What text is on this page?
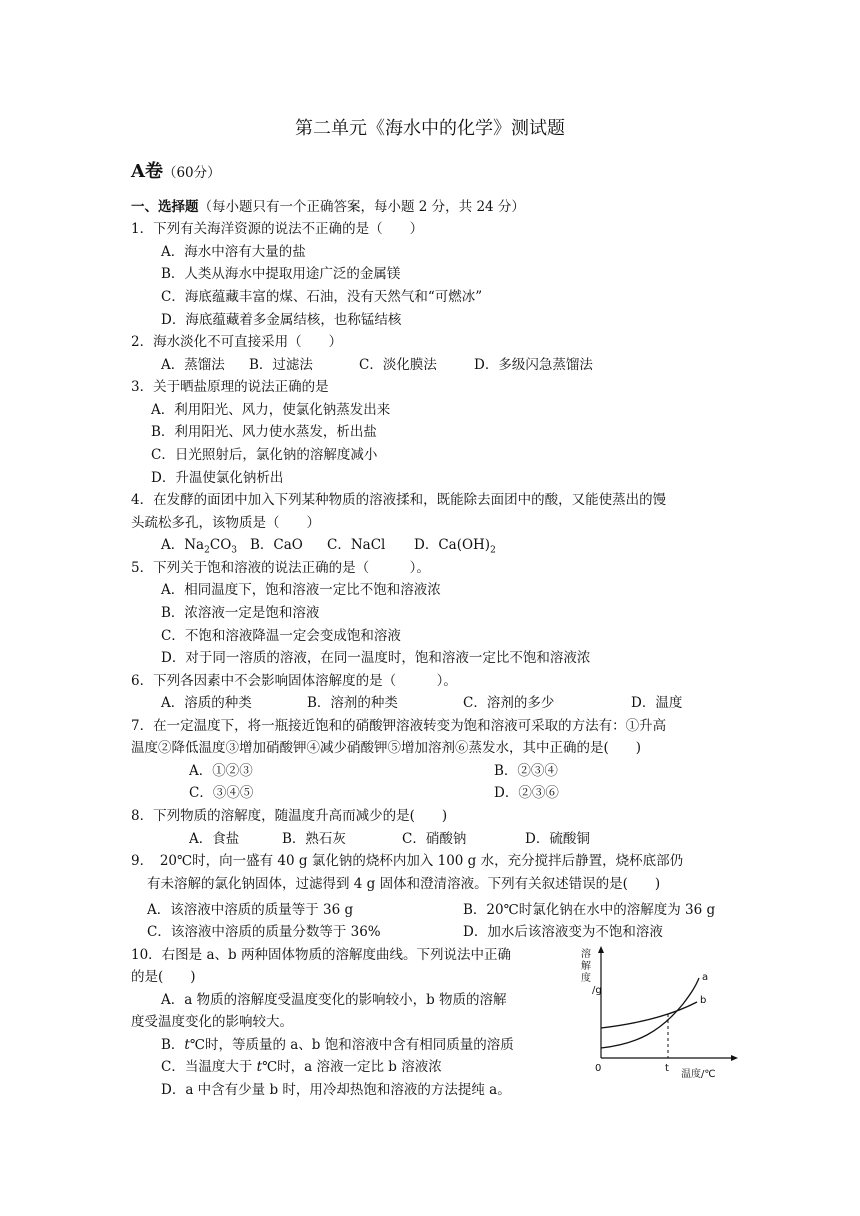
第二单元《海水中的化学》测试题
A卷（60分）
一、选择题（每小题只有一个正确答案，每小题 2 分，共 24 分）
1．下列有关海洋资源的说法不正确的是（　　）
A．海水中溶有大量的盐
B．人类从海水中提取用途广泛的金属镁
C．海底蕴藏丰富的煤、石油，没有天然气和“可燃冰”
D．海底蕴藏着多金属结核，也称锰结核
2．海水淡化不可直接采用（　　）
A．蒸馏法 B．过滤法	C．淡化膜法	D．多级闪急蒸馏法
3．关于晒盐原理的说法正确的是
A．利用阳光、风力，使氯化钠蒸发出来
B．利用阳光、风力使水蒸发，析出盐
C．日光照射后，氯化钠的溶解度减小
D．升温使氯化钠析出
4．在发酵的面团中加入下列某种物质的溶液揉和，既能除去面团中的酸，又能使蒸出的馒
头疏松多孔，该物质是（　　）
A．$Na_2CO_3$ B．CaO C．NaCl D．$Ca(OH)_2$
5．下列关于饱和溶液的说法正确的是（　　　）。
A．相同温度下，饱和溶液一定比不饱和溶液浓
B．浓溶液一定是饱和溶液
C．不饱和溶液降温一定会变成饱和溶液
D．对于同一溶质的溶液，在同一温度时，饱和溶液一定比不饱和溶液浓
6．下列各因素中不会影响固体溶解度的是（　　　）。
A．溶质的种类	B．溶剂的种类	C．溶剂的多少	D．温度
7．在一定温度下，将一瓶接近饱和的硝酸钾溶液转变为饱和溶液可采取的方法有：①升高
温度②降低温度③增加硝酸钾④减少硝酸钾⑤增加溶剂⑥蒸发水，其中正确的是(　　)
A．①②③	B．②③④
C．③④⑤	D．②③⑥
8．下列物质的溶解度，随温度升高而减少的是(　　)
A．食盐	B．熟石灰	C．硝酸钠	D．硫酸铜
9．　20℃时，向一盛有 40 g 氯化钠的烧杯内加入 100 g 水，充分搅拌后静置，烧杯底部仍
有未溶解的氯化钠固体，过滤得到 4 g 固体和澄清溶液。下列有关叙述错误的是(　　)
A．该溶液中溶质的质量等于 36 g	B．20℃时氯化钠在水中的溶解度为 36 g
C．该溶液中溶质的质量分数等于 36%	D．加水后该溶液变为不饱和溶液
10．右图是 a、b 两种固体物质的溶解度曲线。下列说法中正确
的是(　　)
A．a 物质的溶解度受温度变化的影响较小，b 物质的溶解
度受温度变化的影响较大。
B．t℃时，等质量的 a、b 饱和溶液中含有相同质量的溶质
C．当温度大于 t℃时，a 溶液一定比 b 溶液浓
D．a 中含有少量 b 时，用冷却热饱和溶液的方法提纯 a。
溶
解
度
/g
a
b
0	t
温度/℃
